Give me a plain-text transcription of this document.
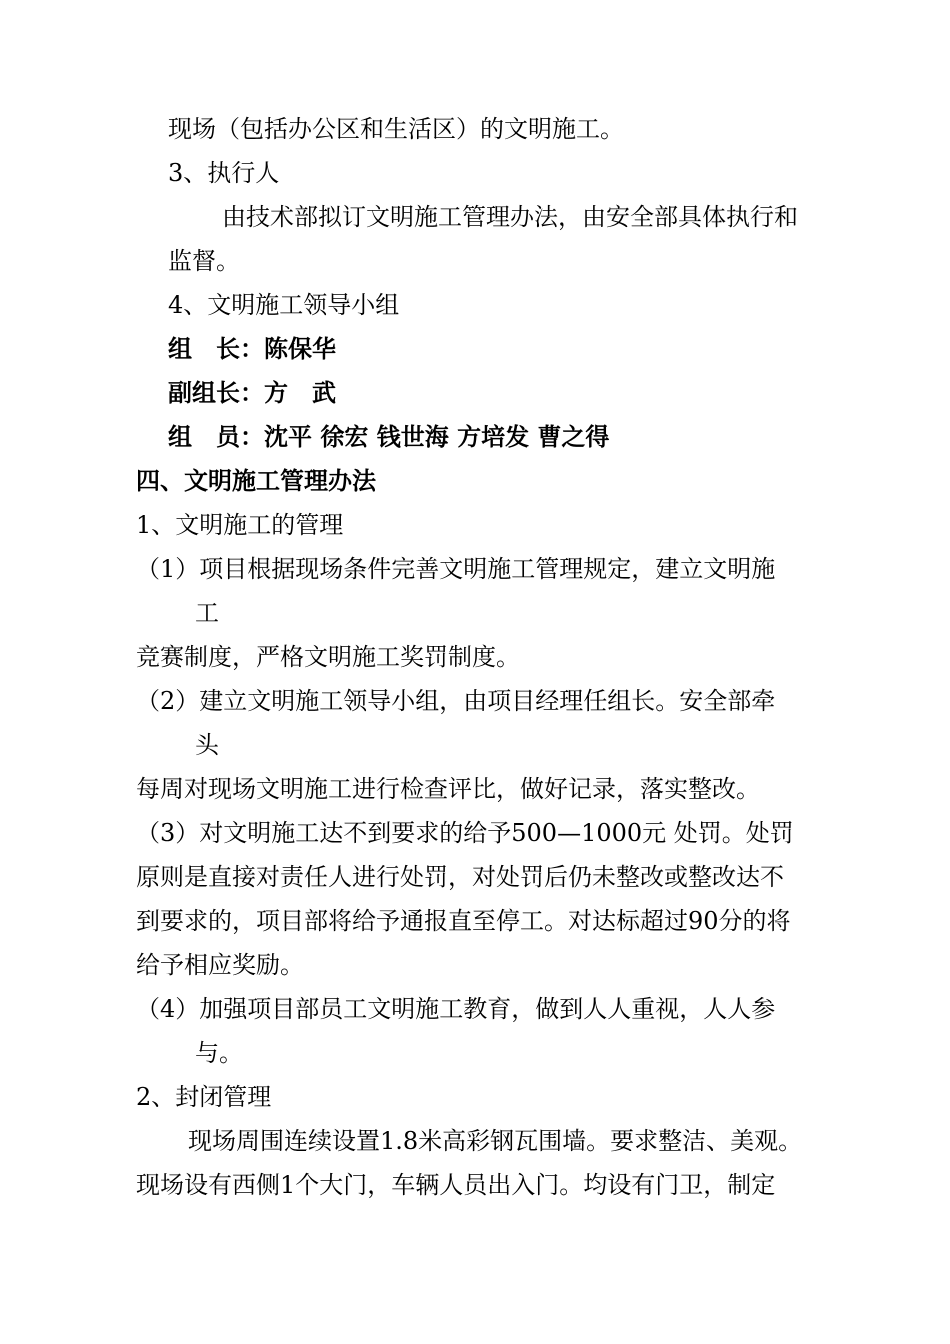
现场（包括办公区和生活区）的文明施工。
3、执行人
由技术部拟订文明施工管理办法，由安全部具体执行和
监督。
4、文明施工领导小组
组　长：陈保华
副组长：方　武
组　员：沈平 徐宏 钱世海 方培发 曹之得
四、文明施工管理办法
1、文明施工的管理
（1）项目根据现场条件完善文明施工管理规定，建立文明施
工
竞赛制度，严格文明施工奖罚制度。
（2）建立文明施工领导小组，由项目经理任组长。安全部牵
头
每周对现场文明施工进行检查评比，做好记录，落实整改。
（3）对文明施工达不到要求的给予500—1000元 处罚。处罚
原则是直接对责任人进行处罚，对处罚后仍未整改或整改达不
到要求的，项目部将给予通报直至停工。对达标超过90分的将
给予相应奖励。
（4）加强项目部员工文明施工教育，做到人人重视，人人参
与。
2、封闭管理
现场周围连续设置1.8米高彩钢瓦围墙。要求整洁、美观。
现场设有西侧1个大门，车辆人员出入门。均设有门卫，制定
